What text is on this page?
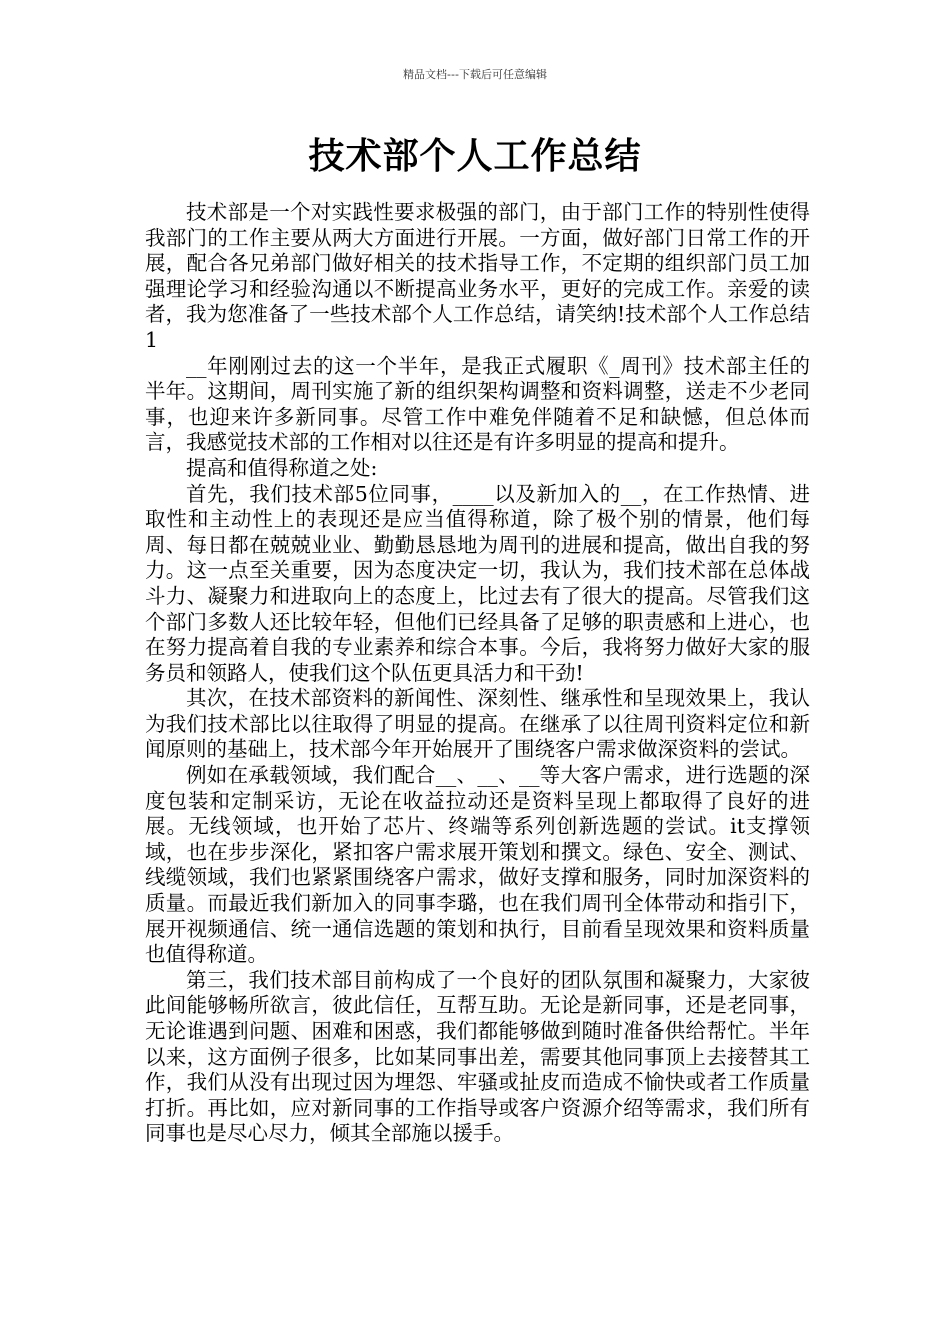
精品文档---下载后可任意编辑
技术部个人工作总结

技术部是一个对实践性要求极强的部门，由于部门工作的特别性使得我部门的工作主要从两大方面进行开展。一方面，做好部门日常工作的开展，配合各兄弟部门做好相关的技术指导工作，不定期的组织部门员工加强理论学习和经验沟通以不断提高业务水平，更好的完成工作。亲爱的读者，我为您准备了一些技术部个人工作总结，请笑纳!技术部个人工作总结1

__年刚刚过去的这一个半年，是我正式履职《_周刊》技术部主任的半年。这期间，周刊实施了新的组织架构调整和资料调整，送走不少老同事，也迎来许多新同事。尽管工作中难免伴随着不足和缺憾，但总体而言，我感觉技术部的工作相对以往还是有许多明显的提高和提升。

提高和值得称道之处:

首先，我们技术部5位同事，____以及新加入的__，在工作热情、进取性和主动性上的表现还是应当值得称道，除了极个别的情景，他们每周、每日都在兢兢业业、勤勤恳恳地为周刊的进展和提高，做出自我的努力。这一点至关重要，因为态度决定一切，我认为，我们技术部在总体战斗力、凝聚力和进取向上的态度上，比过去有了很大的提高。尽管我们这个部门多数人还比较年轻，但他们已经具备了足够的职责感和上进心，也在努力提高着自我的专业素养和综合本事。今后，我将努力做好大家的服务员和领路人，使我们这个队伍更具活力和干劲!

其次，在技术部资料的新闻性、深刻性、继承性和呈现效果上，我认为我们技术部比以往取得了明显的提高。在继承了以往周刊资料定位和新闻原则的基础上，技术部今年开始展开了围绕客户需求做深资料的尝试。

例如在承载领域，我们配合__、__、__等大客户需求，进行选题的深度包装和定制采访，无论在收益拉动还是资料呈现上都取得了良好的进展。无线领域，也开始了芯片、终端等系列创新选题的尝试。it支撑领域，也在步步深化，紧扣客户需求展开策划和撰文。绿色、安全、测试、线缆领域，我们也紧紧围绕客户需求，做好支撑和服务，同时加深资料的质量。而最近我们新加入的同事李璐，也在我们周刊全体带动和指引下，展开视频通信、统一通信选题的策划和执行，目前看呈现效果和资料质量也值得称道。

第三，我们技术部目前构成了一个良好的团队氛围和凝聚力，大家彼此间能够畅所欲言，彼此信任，互帮互助。无论是新同事，还是老同事，无论谁遇到问题、困难和困惑，我们都能够做到随时准备供给帮忙。半年以来，这方面例子很多，比如某同事出差，需要其他同事顶上去接替其工作，我们从没有出现过因为埋怨、牢骚或扯皮而造成不愉快或者工作质量打折。再比如，应对新同事的工作指导或客户资源介绍等需求，我们所有同事也是尽心尽力，倾其全部施以援手。
